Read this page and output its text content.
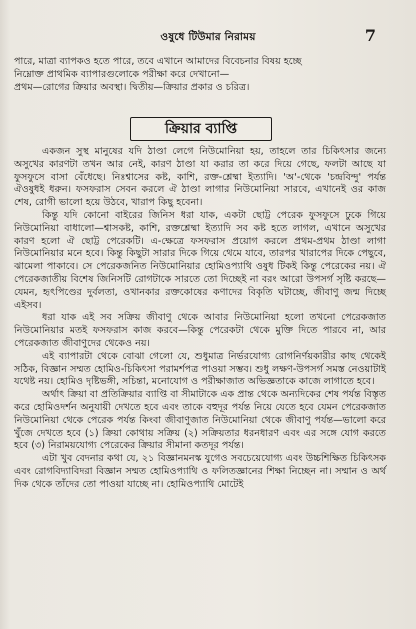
ওষুধে টিউমার নিরাময়	7

পারে, মাত্রা ব্যাপকও হতে পারে, তবে এখানে আমাদের বিবেচনার বিষয় হচ্ছে

নিম্নোক্ত প্রাথমিক ব্যাপারগুলোকে পরীক্ষা করে দেখানো—

প্রথম—রোগের ক্রিয়ার অবস্থা। দ্বিতীয়—ক্রিয়ার প্রকার ও চরিত্র।

ক্রিয়ার ব্যাপ্তি

একজন সুস্থ মানুষের যদি ঠাণ্ডা লেগে নিউমোনিয়া হয়, তাহলে তার চিকিৎসার জন্যে অসুখের কারণটা তখন আর নেই, কারণ ঠাণ্ডা যা করার তা করে দিয়ে গেছে, ফলটা আছে যা ফুসফুসে বাসা বেঁধেছে। নিঃশ্বাসের কষ্ট, কাশি, রক্ত-শ্লেষ্মা ইত্যাদি। 'অ'-থেকে 'চন্দ্রবিন্দু' পর্যন্ত ঐওষুধই ধরুন। ফসফরাস সেবন করলে ঐ ঠাণ্ডা লাগার নিউমোনিয়া সারবে, এখানেই ওর কাজ শেষ, রোগী ভালো হয়ে উঠবে, খারাপ কিছু হবেনা।

কিন্তু যদি কোনো বাইরের জিনিস ধরা যাক, একটা ছোট্ট পেরেক ফুসফুসে ঢুকে গিয়ে নিউমোনিয়া বাধালো—শ্বাসকষ্ট, কাশি, রক্তশ্লেষ্মা ইত্যাদি সব কষ্ট হতে লাগল, এখানে অসুখের কারণ হলো ঐ ছোট্ট পেরেকটি। এ-ক্ষেত্রে ফসফরাস প্রয়োগ করলে প্রথম-প্রথম ঠাণ্ডা লাগা নিউমোনিয়ার মনে হবে। কিন্তু কিছুটা সারার দিকে গিয়ে থেমে যাবে, তারপর খারাপের দিকে পেছুবে, ঝামেলা পাকাবে। সে পেরেকজনিত নিউমোনিয়ার হোমিওপ্যাথি ওষুধ টিকই কিন্তু পেরেকের নয়। ঐ পেরেকজাতীয় বিশেষ জিনিসটি রোগটাকে সারতে তো দিচ্ছেই না বরং আরো উপসর্গ সৃষ্টি করছে—যেমন, হৃৎপিণ্ডের দুর্বলতা, ওখানকার রক্তকোষের কণাদের বিকৃতি ঘটাচ্ছে, জীবাণু জন্ম দিচ্ছে এইসব।

ধরা যাক এই সব সক্রিয় জীবাণু থেকে আবার নিউমোনিয়া হলো তখনো পেরেকজাত নিউমোনিয়ার মতই ফসফরাস কাজ করবে—কিন্তু পেরেকটা থেকে মুক্তি দিতে পারবে না, আর পেরেকজাত জীবাণুদের থেকেও নয়।

এই ব্যাপারটা থেকে বোঝা গেলো যে, শুধুমাত্র নির্ভরযোগ্য রোগনির্ণয়কারীর কাছ থেকেই সঠিক, বিজ্ঞান সম্মত হোমিও-চিকিৎসা পরামর্শপত্র পাওয়া সম্ভব। শুধু লক্ষণ-উপসর্গ সমস্ত নেওয়াটাই যথেষ্ট নয়। হোমিও দৃষ্টিভঙ্গী, সচিন্তা, মনোযোগ ও পরীক্ষাজাত অভিজ্ঞতাকে কাজে লাগাতে হবে।

অর্থাৎ ক্রিয়া বা প্রতিক্রিয়ার ব্যাপ্তি বা সীমাটাকে এক প্রান্ত থেকে অন্যদিকের শেষ পর্যন্ত বিস্তৃত করে হোমিওদর্শন অনুযায়ী দেখতে হবে এবং তাকে বহুদূর পর্যন্ত নিয়ে যেতে হবে যেমন পেরেকজাত নিউমোনিয়া থেকে পেরেক পর্যন্ত কিংবা জীবাণুজাত নিউমোনিয়া থেকে জীবাণু পর্যন্ত—ভালো করে খুঁজে দেখতে হবে (১) ক্রিয়া কোথায় সক্রিয় (২) সক্রিয়তার ধরনধারণ এবং এর সঙ্গে যোগ করতে হবে (৩) নিরাময়যোগ্য পেরেকের ক্রিয়ার সীমানা কতদূর পর্যন্ত।

এটা খুব বেদনার কথা যে, ২১ বিজ্ঞানমনস্ক যুগেও সবচেয়েযোগ্য এবং উচ্চশিক্ষিত চিকিৎসক এবং রোগবিদ্যাবিদরা বিজ্ঞান সম্মত হোমিওপ্যাথি ও ফলিতজ্ঞানের শিক্ষা নিচ্ছেন না। সম্মান ও অর্থ দিক থেকে তাঁদের তো পাওয়া যাচ্ছে না। হোমিওপ্যাথি মোটেই
